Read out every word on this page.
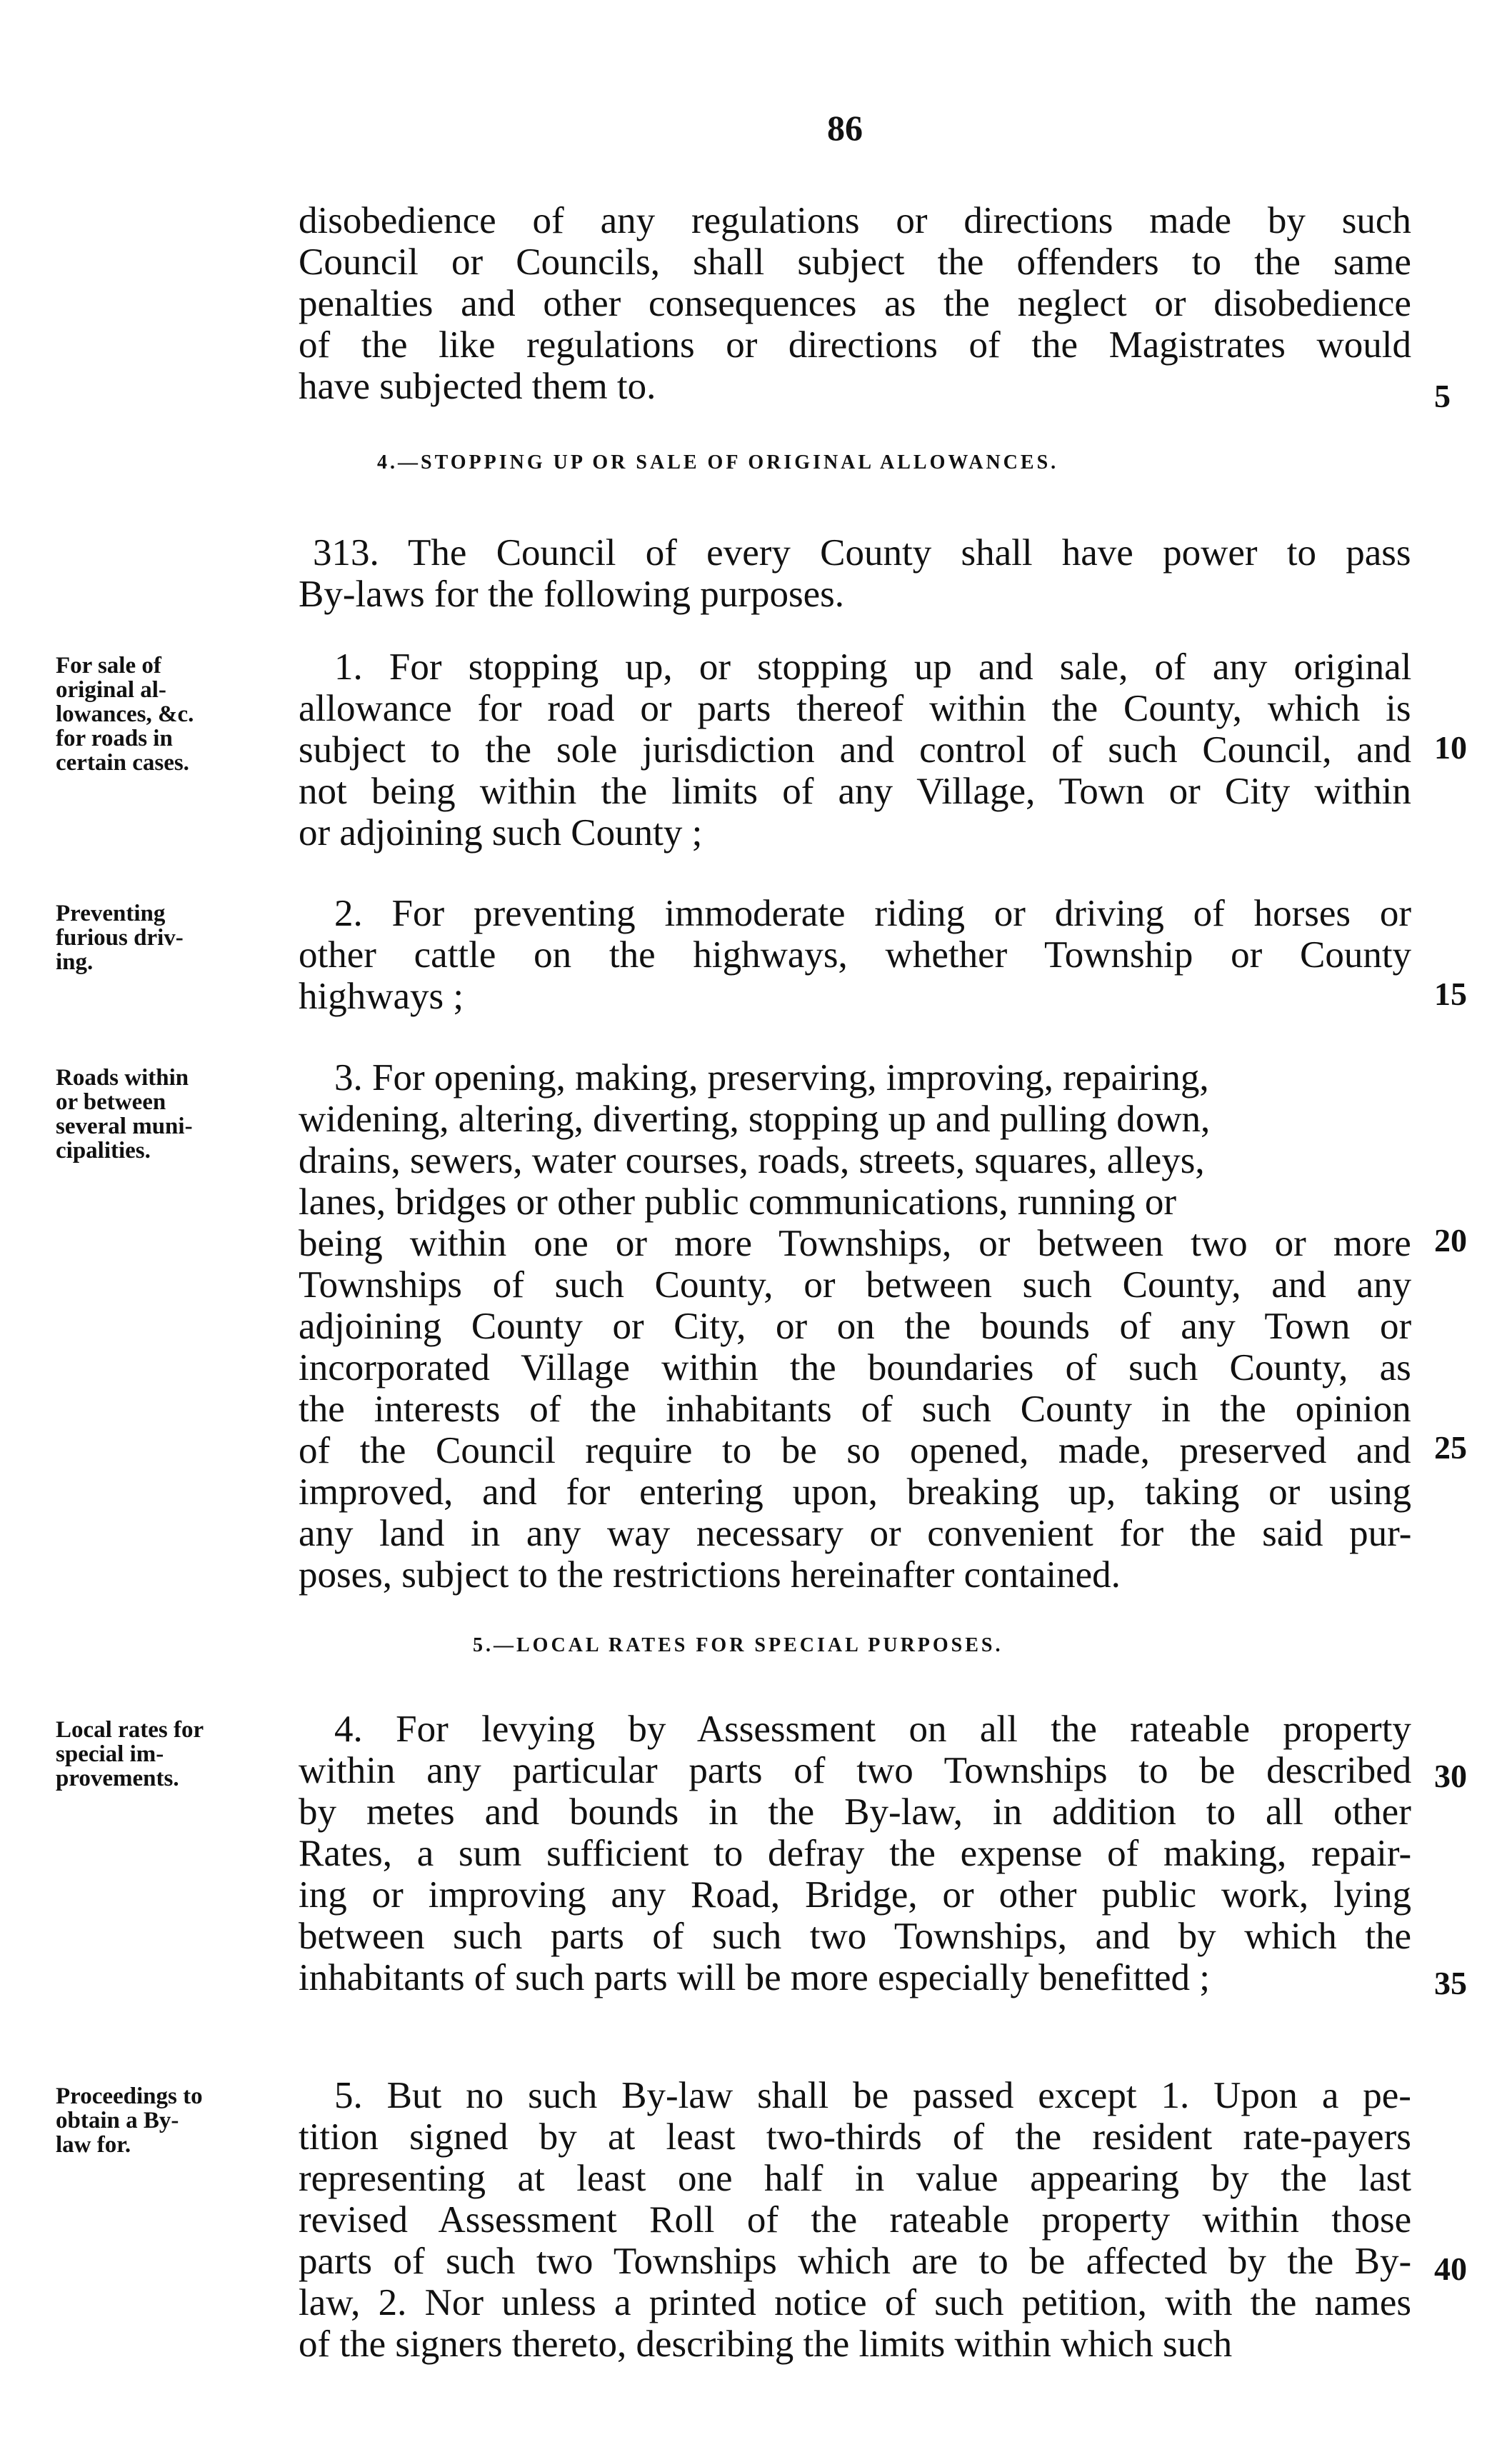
86
disobedience of any regulations or directions made by such
Council or Councils, shall subject the offenders to the same
penalties and other consequences as the neglect or disobedience
of the like regulations or directions of the Magistrates would
have subjected them to.
4.—STOPPING UP OR SALE OF ORIGINAL ALLOWANCES.
313. The Council of every County shall have power to pass
By-laws for the following purposes.
1. For stopping up, or stopping up and sale, of any original
allowance for road or parts thereof within the County, which is
subject to the sole jurisdiction and control of such Council, and
not being within the limits of any Village, Town or City within
or adjoining such County ;
2. For preventing immoderate riding or driving of horses or
other cattle on the highways, whether Township or County
highways ;
3. For opening, making, preserving, improving, repairing,
widening, altering, diverting, stopping up and pulling down,
drains, sewers, water courses, roads, streets, squares, alleys,
lanes, bridges or other public communications, running or
being within one or more Townships, or between two or more
Townships of such County, or between such County, and any
adjoining County or City, or on the bounds of any Town or
incorporated Village within the boundaries of such County, as
the interests of the inhabitants of such County in the opinion
of the Council require to be so opened, made, preserved and
improved, and for entering upon, breaking up, taking or using
any land in any way necessary or convenient for the said pur-
poses, subject to the restrictions hereinafter contained.
5.—LOCAL RATES FOR SPECIAL PURPOSES.
4. For levying by Assessment on all the rateable property
within any particular parts of two Townships to be described
by metes and bounds in the By-law, in addition to all other
Rates, a sum sufficient to defray the expense of making, repair-
ing or improving any Road, Bridge, or other public work, lying
between such parts of such two Townships, and by which the
inhabitants of such parts will be more especially benefitted ;
5. But no such By-law shall be passed except 1. Upon a pe-
tition signed by at least two-thirds of the resident rate-payers
representing at least one half in value appearing by the last
revised Assessment Roll of the rateable property within those
parts of such two Townships which are to be affected by the By-
law, 2. Nor unless a printed notice of such petition, with the names
of the signers thereto, describing the limits within which such
For sale of
original al-
lowances, &c.
for roads in
certain cases.
Preventing
furious driv-
ing.
Roads within
or between
several muni-
cipalities.
Local rates for
special im-
provements.
Proceedings to
obtain a By-
law for.
5
10
15
20
25
30
35
40
